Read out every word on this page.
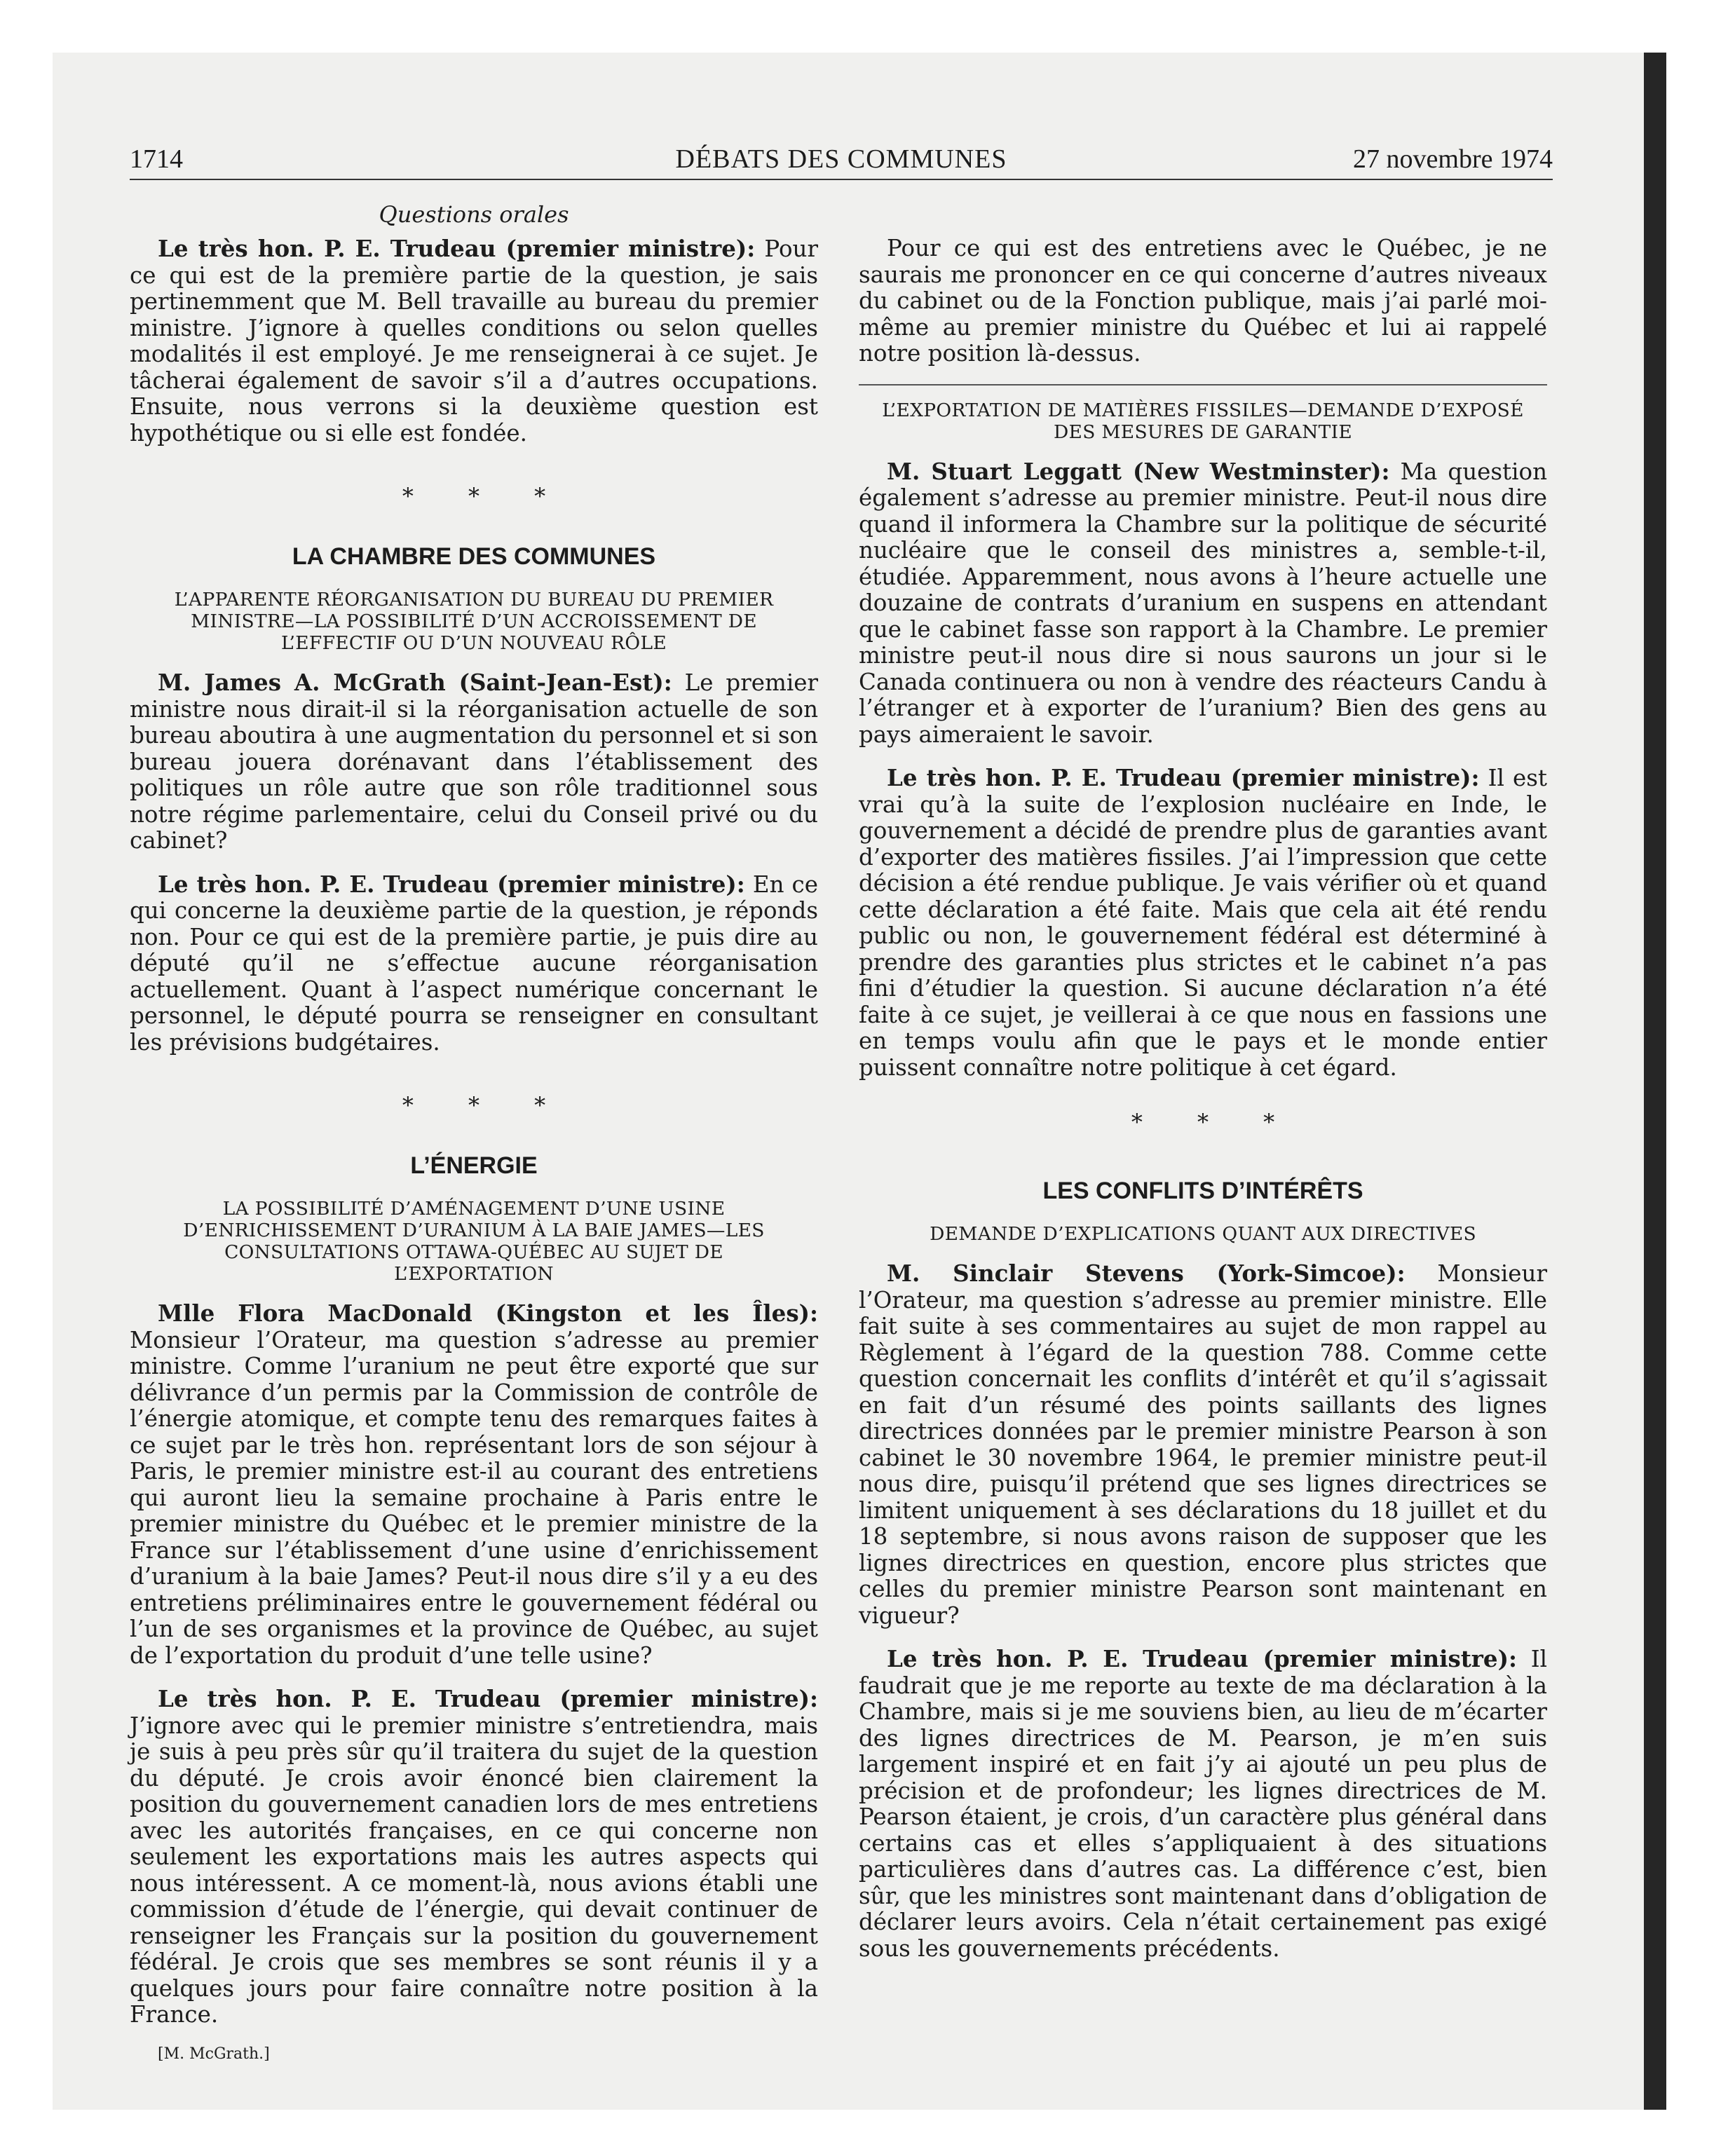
1714	DÉBATS DES COMMUNES	27 novembre 1974
Questions orales

Le très hon. P. E. Trudeau (premier ministre): Pour ce qui est de la première partie de la question, je sais pertinemment que M. Bell travaille au bureau du premier ministre. J’ignore à quelles conditions ou selon quelles modalités il est employé. Je me renseignerai à ce sujet. Je tâcherai également de savoir s’il a d’autres occupations. Ensuite, nous verrons si la deuxième question est hypothétique ou si elle est fondée.

* * *
LA CHAMBRE DES COMMUNES
L’APPARENTE RÉORGANISATION DU BUREAU DU PREMIER MINISTRE—LA POSSIBILITÉ D’UN ACCROISSEMENT DE L’EFFECTIF OU D’UN NOUVEAU RÔLE

M. James A. McGrath (Saint-Jean-Est): Le premier ministre nous dirait-il si la réorganisation actuelle de son bureau aboutira à une augmentation du personnel et si son bureau jouera dorénavant dans l’établissement des politiques un rôle autre que son rôle traditionnel sous notre régime parlementaire, celui du Conseil privé ou du cabinet?

Le très hon. P. E. Trudeau (premier ministre): En ce qui concerne la deuxième partie de la question, je réponds non. Pour ce qui est de la première partie, je puis dire au député qu’il ne s’effectue aucune réorganisation actuellement. Quant à l’aspect numérique concernant le personnel, le député pourra se renseigner en consultant les prévisions budgétaires.

* * *
L’ÉNERGIE
LA POSSIBILITÉ D’AMÉNAGEMENT D’UNE USINE D’ENRICHISSEMENT D’URANIUM À LA BAIE JAMES—LES CONSULTATIONS OTTAWA-QUÉBEC AU SUJET DE L’EXPORTATION

Mlle Flora MacDonald (Kingston et les Îles): Monsieur l’Orateur, ma question s’adresse au premier ministre. Comme l’uranium ne peut être exporté que sur délivrance d’un permis par la Commission de contrôle de l’énergie atomique, et compte tenu des remarques faites à ce sujet par le très hon. représentant lors de son séjour à Paris, le premier ministre est-il au courant des entretiens qui auront lieu la semaine prochaine à Paris entre le premier ministre du Québec et le premier ministre de la France sur l’établissement d’une usine d’enrichissement d’uranium à la baie James? Peut-il nous dire s’il y a eu des entretiens préliminaires entre le gouvernement fédéral ou l’un de ses organismes et la province de Québec, au sujet de l’exportation du produit d’une telle usine?

Le très hon. P. E. Trudeau (premier ministre): J’ignore avec qui le premier ministre s’entretiendra, mais je suis à peu près sûr qu’il traitera du sujet de la question du député. Je crois avoir énoncé bien clairement la position du gouvernement canadien lors de mes entretiens avec les autorités françaises, en ce qui concerne non seulement les exportations mais les autres aspects qui nous intéressent. A ce moment-là, nous avions établi une commission d’étude de l’énergie, qui devait continuer de renseigner les Français sur la position du gouvernement fédéral. Je crois que ses membres se sont réunis il y a quelques jours pour faire connaître notre position à la France.

[M. McGrath.]

Pour ce qui est des entretiens avec le Québec, je ne saurais me prononcer en ce qui concerne d’autres niveaux du cabinet ou de la Fonction publique, mais j’ai parlé moi-même au premier ministre du Québec et lui ai rappelé notre position là-dessus.

L’EXPORTATION DE MATIÈRES FISSILES—DEMANDE D’EXPOSÉ DES MESURES DE GARANTIE

M. Stuart Leggatt (New Westminster): Ma question également s’adresse au premier ministre. Peut-il nous dire quand il informera la Chambre sur la politique de sécurité nucléaire que le conseil des ministres a, semble-t-il, étudiée. Apparemment, nous avons à l’heure actuelle une douzaine de contrats d’uranium en suspens en attendant que le cabinet fasse son rapport à la Chambre. Le premier ministre peut-il nous dire si nous saurons un jour si le Canada continuera ou non à vendre des réacteurs Candu à l’étranger et à exporter de l’uranium? Bien des gens au pays aimeraient le savoir.

Le très hon. P. E. Trudeau (premier ministre): Il est vrai qu’à la suite de l’explosion nucléaire en Inde, le gouvernement a décidé de prendre plus de garanties avant d’exporter des matières fissiles. J’ai l’impression que cette décision a été rendue publique. Je vais vérifier où et quand cette déclaration a été faite. Mais que cela ait été rendu public ou non, le gouvernement fédéral est déterminé à prendre des garanties plus strictes et le cabinet n’a pas fini d’étudier la question. Si aucune déclaration n’a été faite à ce sujet, je veillerai à ce que nous en fassions une en temps voulu afin que le pays et le monde entier puissent connaître notre politique à cet égard.

* * *
LES CONFLITS D’INTÉRÊTS
DEMANDE D’EXPLICATIONS QUANT AUX DIRECTIVES

M. Sinclair Stevens (York-Simcoe): Monsieur l’Orateur, ma question s’adresse au premier ministre. Elle fait suite à ses commentaires au sujet de mon rappel au Règlement à l’égard de la question 788. Comme cette question concernait les conflits d’intérêt et qu’il s’agissait en fait d’un résumé des points saillants des lignes directrices données par le premier ministre Pearson à son cabinet le 30 novembre 1964, le premier ministre peut-il nous dire, puisqu’il prétend que ses lignes directrices se limitent uniquement à ses déclarations du 18 juillet et du 18 septembre, si nous avons raison de supposer que les lignes directrices en question, encore plus strictes que celles du premier ministre Pearson sont maintenant en vigueur?

Le très hon. P. E. Trudeau (premier ministre): Il faudrait que je me reporte au texte de ma déclaration à la Chambre, mais si je me souviens bien, au lieu de m’écarter des lignes directrices de M. Pearson, je m’en suis largement inspiré et en fait j’y ai ajouté un peu plus de précision et de profondeur; les lignes directrices de M. Pearson étaient, je crois, d’un caractère plus général dans certains cas et elles s’appliquaient à des situations particulières dans d’autres cas. La différence c’est, bien sûr, que les ministres sont maintenant dans d’obligation de déclarer leurs avoirs. Cela n’était certainement pas exigé sous les gouvernements précédents.
